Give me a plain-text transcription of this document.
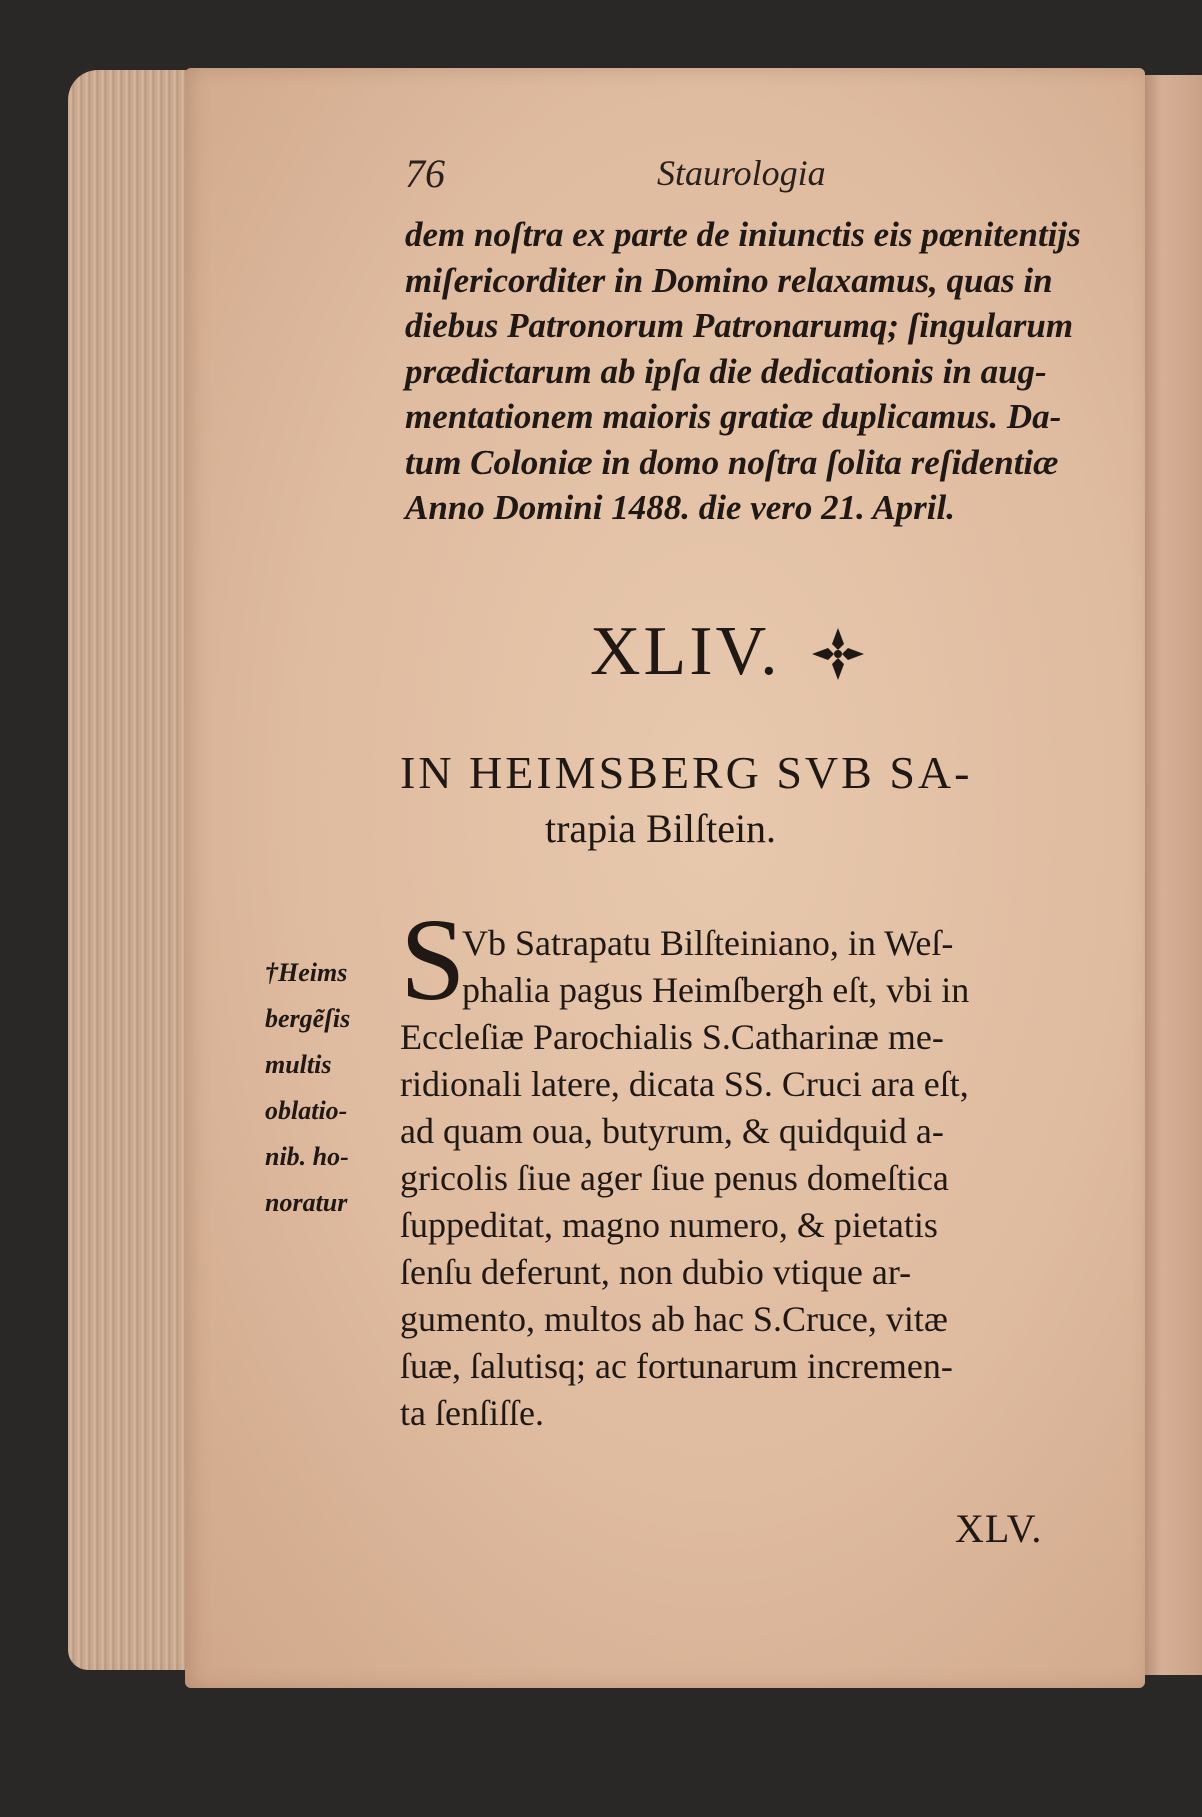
76	Staurologia
dem noſtra ex parte de iniunctis eis pœnitentijs
miſericorditer in Domino relaxamus, quas in
diebus Patronorum Patronarumq; ſingularum
prædictarum ab ipſa die dedicationis in aug-
mentationem maioris gratiæ duplicamus. Da-
tum Coloniæ in domo noſtra ſolita reſidentiæ
Anno Domini 1488. die vero 21. April.
XLIV.
IN HEIMSBERG SVB SA-
trapia Bilſtein.
S
Vb Satrapatu Bilſteiniano, in Weſ-
phalia pagus Heimſbergh eſt, vbi in
Eccleſiæ Parochialis S.Catharinæ me-
ridionali latere, dicata SS. Cruci ara eſt,
ad quam oua, butyrum, & quidquid a-
gricolis ſiue ager ſiue penus domeſtica
ſuppeditat, magno numero, & pietatis
ſenſu deferunt, non dubio vtique ar-
gumento, multos ab hac S.Cruce, vitæ
ſuæ, ſalutisq; ac fortunarum incremen-
ta ſenſiſſe.
†Heims
bergẽſis
multis
oblatio-
nib. ho-
noratur
XLV.
